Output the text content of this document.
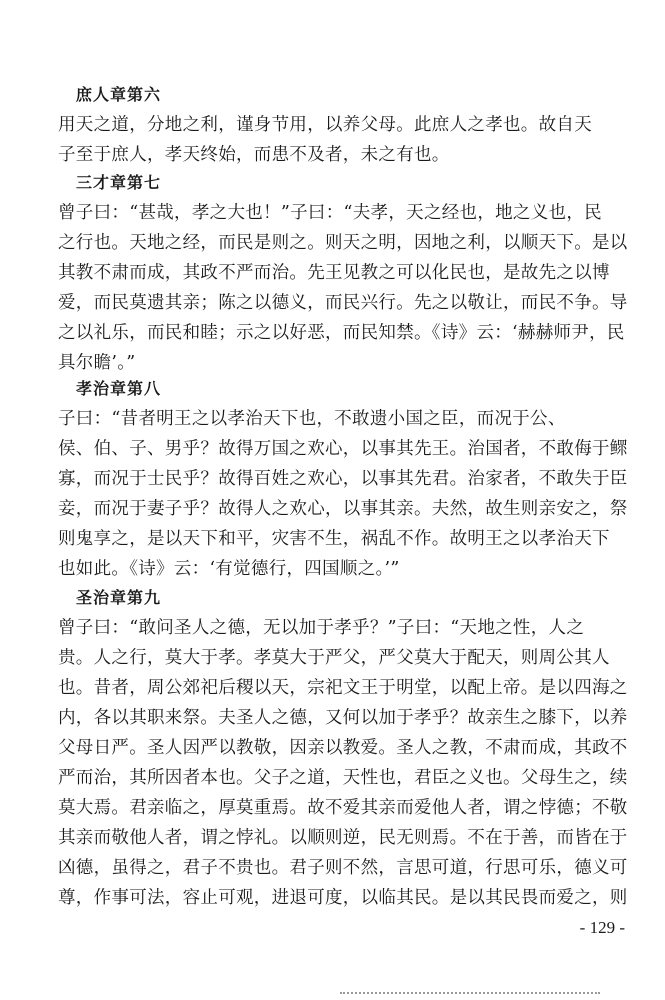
庶人章第六
用天之道，分地之利，谨身节用，以养父母。此庶人之孝也。故自天
子至于庶人，孝天终始，而患不及者，未之有也。
三才章第七
曾子曰：“甚哉，孝之大也！”子曰：“夫孝，天之经也，地之义也，民
之行也。天地之经，而民是则之。则天之明，因地之利，以顺天下。是以
其教不肃而成，其政不严而治。先王见教之可以化民也，是故先之以博
爱，而民莫遗其亲；陈之以德义，而民兴行。先之以敬让，而民不争。导
之以礼乐，而民和睦；示之以好恶，而民知禁。《诗》云：‘赫赫师尹，民
具尔瞻’。”
孝治章第八
子曰：“昔者明王之以孝治天下也，不敢遗小国之臣，而况于公、
侯、伯、子、男乎？故得万国之欢心，以事其先王。治国者，不敢侮于鳏
寡，而况于士民乎？故得百姓之欢心，以事其先君。治家者，不敢失于臣
妾，而况于妻子乎？故得人之欢心，以事其亲。夫然，故生则亲安之，祭
则鬼享之，是以天下和平，灾害不生，祸乱不作。故明王之以孝治天下
也如此。《诗》云：‘有觉德行，四国顺之。’”
圣治章第九
曾子曰：“敢问圣人之德，无以加于孝乎？”子曰：“天地之性，人之
贵。人之行，莫大于孝。孝莫大于严父，严父莫大于配天，则周公其人
也。昔者，周公郊祀后稷以天，宗祀文王于明堂，以配上帝。是以四海之
内，各以其职来祭。夫圣人之德，又何以加于孝乎？故亲生之膝下，以养
父母日严。圣人因严以教敬，因亲以教爱。圣人之教，不肃而成，其政不
严而治，其所因者本也。父子之道，天性也，君臣之义也。父母生之，续
莫大焉。君亲临之，厚莫重焉。故不爱其亲而爱他人者，谓之悖德；不敬
其亲而敬他人者，谓之悖礼。以顺则逆，民无则焉。不在于善，而皆在于
凶德，虽得之，君子不贵也。君子则不然，言思可道，行思可乐，德义可
尊，作事可法，容止可观，进退可度，以临其民。是以其民畏而爱之，则
- 129 -
